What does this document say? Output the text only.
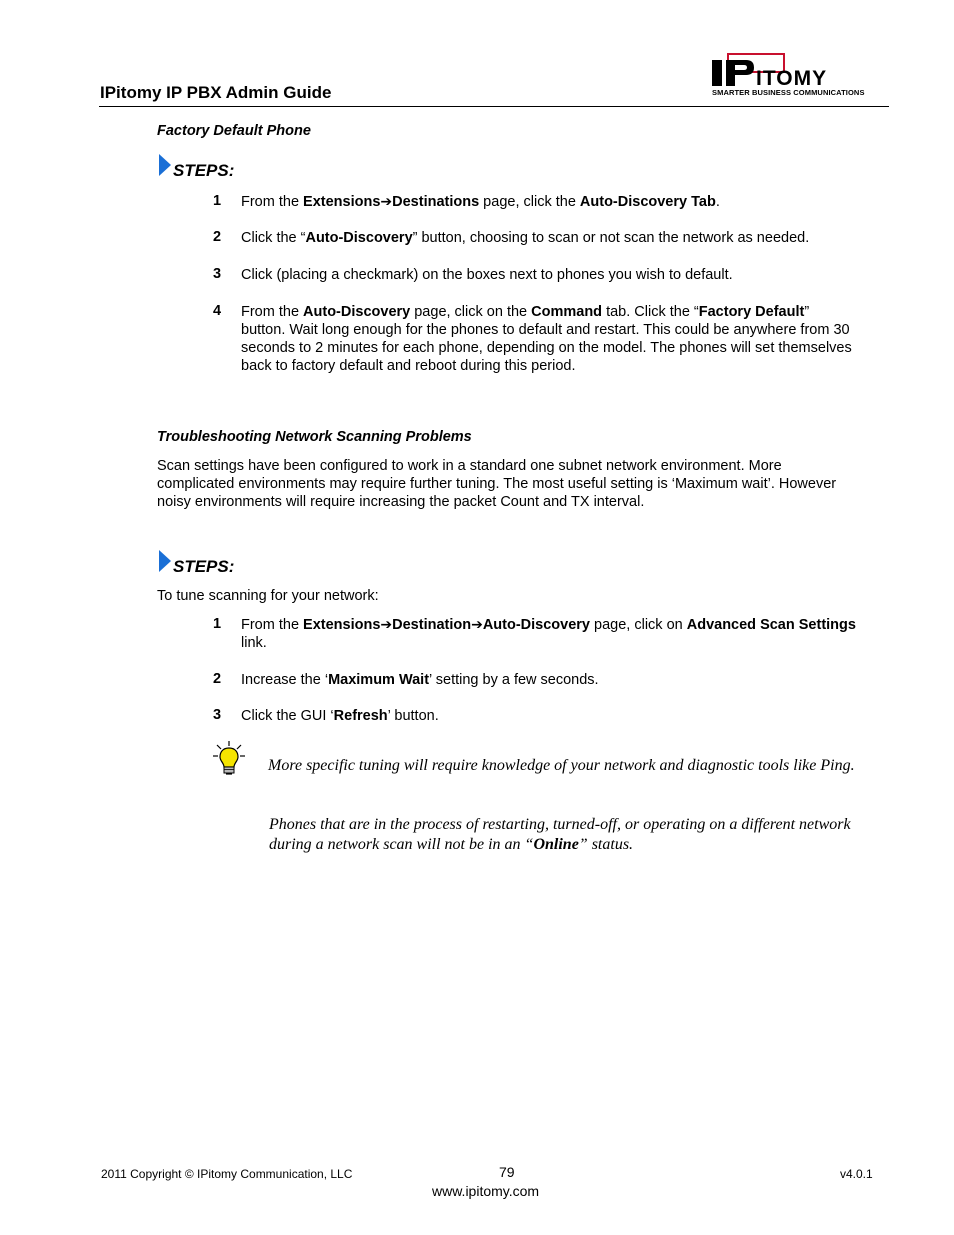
IPitomy IP PBX Admin Guide
ITOMY
SMARTER BUSINESS COMMUNICATIONS
Factory Default Phone
STEPS:
1 From the Extensions➔Destinations page, click the Auto-Discovery Tab.
2 Click the “Auto-Discovery” button, choosing to scan or not scan the network as needed.
3 Click (placing a checkmark) on the boxes next to phones you wish to default.
4 From the Auto-Discovery page, click on the Command tab. Click the “Factory Default” button. Wait long enough for the phones to default and restart. This could be anywhere from 30 seconds to 2 minutes for each phone, depending on the model. The phones will set themselves back to factory default and reboot during this period.
Troubleshooting Network Scanning Problems
Scan settings have been configured to work in a standard one subnet network environment. More complicated environments may require further tuning. The most useful setting is ‘Maximum wait’. However noisy environments will require increasing the packet Count and TX interval.
STEPS:
To tune scanning for your network:
1 From the Extensions➔Destination➔Auto-Discovery page, click on Advanced Scan Settings link.
2 Increase the ‘Maximum Wait’ setting by a few seconds.
3 Click the GUI ‘Refresh’ button.
More specific tuning will require knowledge of your network and diagnostic tools like Ping.
Phones that are in the process of restarting, turned-off, or operating on a different network during a network scan will not be in an “Online” status.
2011 Copyright © IPitomy Communication, LLC	79
www.ipitomy.com
v4.0.1
